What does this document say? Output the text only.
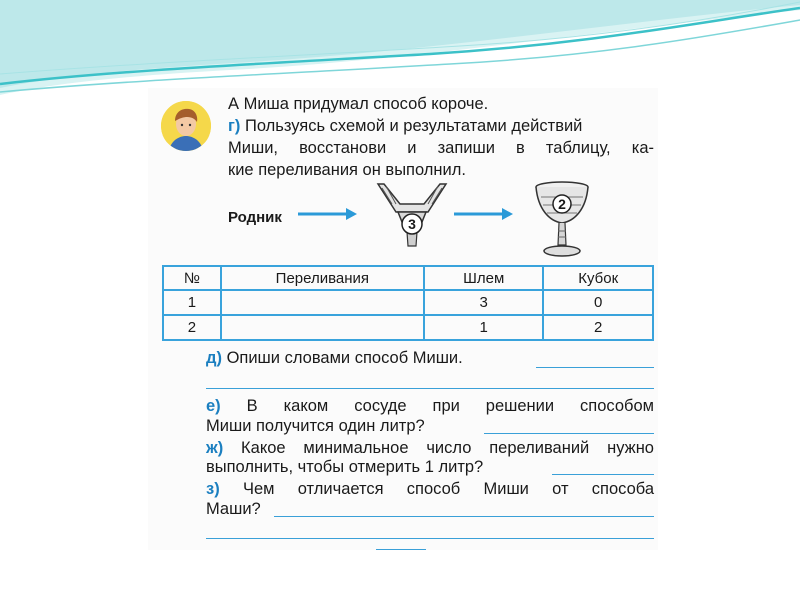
А Миша придумал способ короче.
г) Пользуясь схемой и результатами действий
Миши, восстанови и запиши в таблицу, ка-
кие переливания он выполнил.
Родник	3
2
№	Переливания	Шлем	Кубок
1		3	0
2		1	2
д) Опиши словами способ Миши.
е) В каком сосуде при решении способом
Миши получится один литр?
ж) Какое минимальное число переливаний нужно
выполнить, чтобы отмерить 1 литр?
з) Чем отличается способ Миши от способа
Маши?
